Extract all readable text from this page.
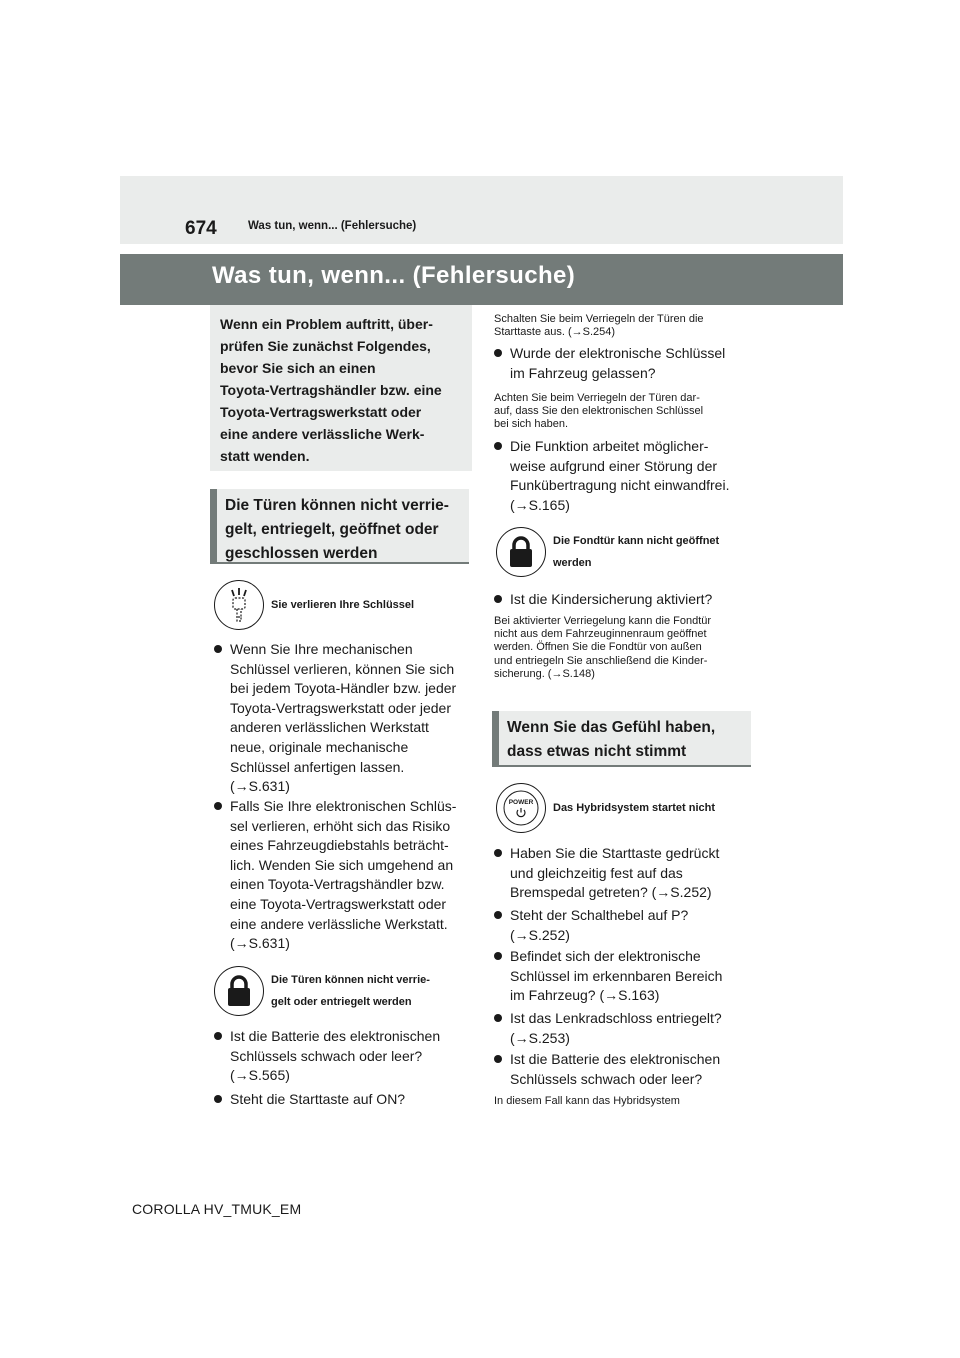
674	Was tun, wenn... (Fehlersuche)
Was tun, wenn... (Fehlersuche)

Wenn ein Problem auftritt, über-

prüfen Sie zunächst Folgendes,

bevor Sie sich an einen

Toyota-Vertragshändler bzw. eine

Toyota-Vertragswerkstatt oder

eine andere verlässliche Werk-

statt wenden.

Die Türen können nicht verrie-
gelt, entriegelt, geöffnet oder
geschlossen werden
Sie verlieren Ihre Schlüssel
Wenn Sie Ihre mechanischen
Schlüssel verlieren, können Sie sich
bei jedem Toyota-Händler bzw. jeder
Toyota-Vertragswerkstatt oder jeder
anderen verlässlichen Werkstatt
neue, originale mechanische
Schlüssel anfertigen lassen.
(→S.631)
Falls Sie Ihre elektronischen Schlüs-
sel verlieren, erhöht sich das Risiko
eines Fahrzeugdiebstahls beträcht-
lich. Wenden Sie sich umgehend an
einen Toyota-Vertragshändler bzw.
eine Toyota-Vertragswerkstatt oder
eine andere verlässliche Werkstatt.
(→S.631)
Die Türen können nicht verrie-
gelt oder entriegelt werden
Ist die Batterie des elektronischen
Schlüssels schwach oder leer?
(→S.565)
Steht die Starttaste auf ON?
Schalten Sie beim Verriegeln der Türen die
Starttaste aus. (→S.254)
Wurde der elektronische Schlüssel
im Fahrzeug gelassen?
Achten Sie beim Verriegeln der Türen dar-
auf, dass Sie den elektronischen Schlüssel
bei sich haben.
Die Funktion arbeitet möglicher-
weise aufgrund einer Störung der
Funkübertragung nicht einwandfrei.
(→S.165)
Die Fondtür kann nicht geöffnet
werden
Ist die Kindersicherung aktiviert?
Bei aktivierter Verriegelung kann die Fondtür
nicht aus dem Fahrzeuginnenraum geöffnet
werden. Öffnen Sie die Fondtür von außen
und entriegeln Sie anschließend die Kinder-
sicherung. (→S.148)
Wenn Sie das Gefühl haben,
dass etwas nicht stimmt
POWER Das Hybridsystem startet nicht
Haben Sie die Starttaste gedrückt
und gleichzeitig fest auf das
Bremspedal getreten? (→S.252)
Steht der Schalthebel auf P?
(→S.252)
Befindet sich der elektronische
Schlüssel im erkennbaren Bereich
im Fahrzeug? (→S.163)
Ist das Lenkradschloss entriegelt?
(→S.253)
Ist die Batterie des elektronischen
Schlüssels schwach oder leer?
In diesem Fall kann das Hybridsystem
COROLLA HV_TMUK_EM
